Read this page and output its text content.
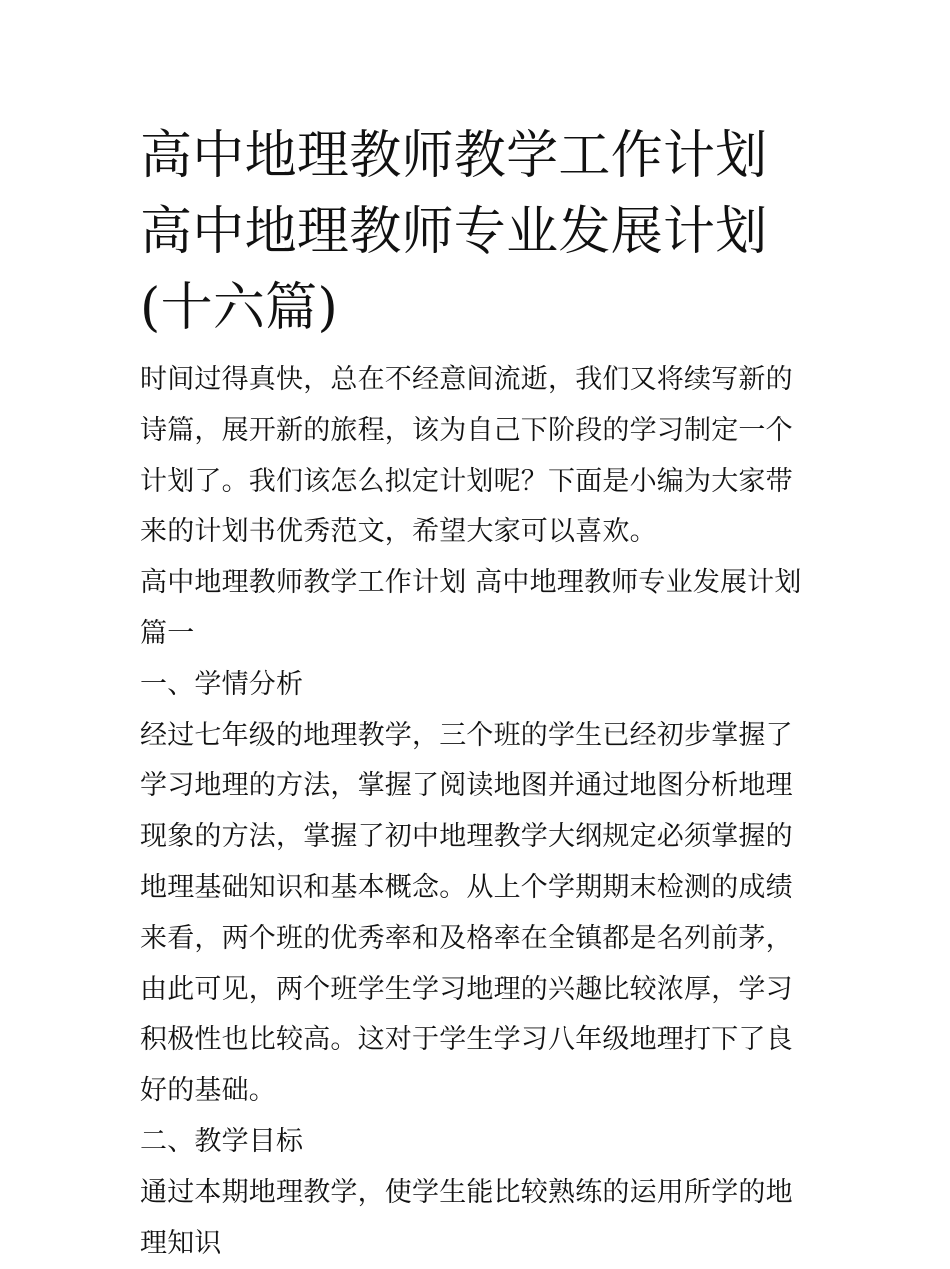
高中地理教师教学工作计划 高中地理教师专业发展计划(十六篇)

时间过得真快，总在不经意间流逝，我们又将续写新的诗篇，展开新的旅程，该为自己下阶段的学习制定一个计划了。我们该怎么拟定计划呢？下面是小编为大家带来的计划书优秀范文，希望大家可以喜欢。

高中地理教师教学工作计划 高中地理教师专业发展计划篇一

一、学情分析

经过七年级的地理教学，三个班的学生已经初步掌握了学习地理的方法，掌握了阅读地图并通过地图分析地理现象的方法，掌握了初中地理教学大纲规定必须掌握的地理基础知识和基本概念。从上个学期期末检测的成绩来看，两个班的优秀率和及格率在全镇都是名列前茅，由此可见，两个班学生学习地理的兴趣比较浓厚，学习积极性也比较高。这对于学生学习八年级地理打下了良好的基础。

二、教学目标

通过本期地理教学，使学生能比较熟练的运用所学的地理知识
